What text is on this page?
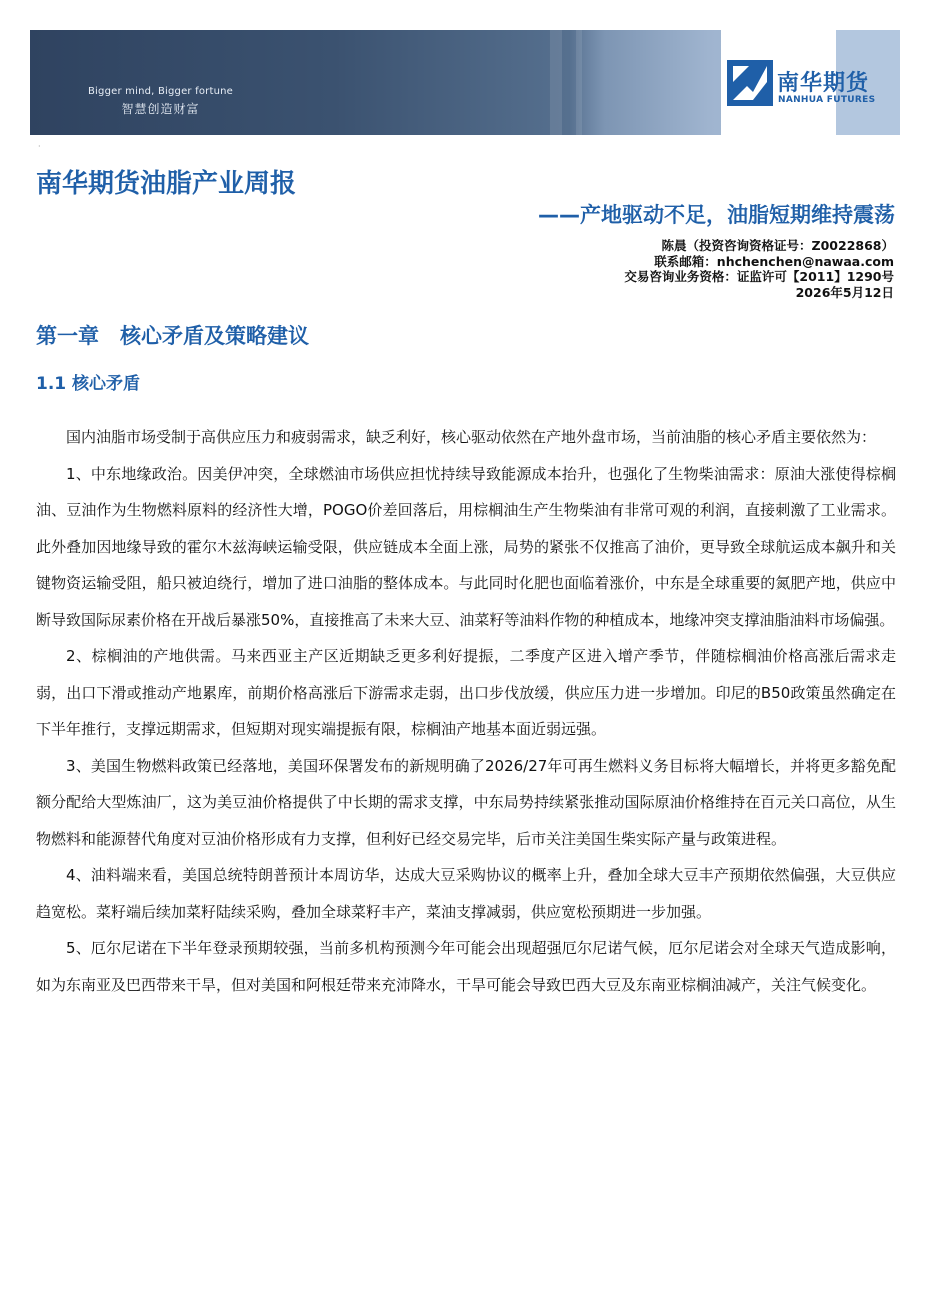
Bigger mind, Bigger fortune
智慧创造财富
南华期货
NANHUA FUTURES
·
南华期货油脂产业周报
——产地驱动不足，油脂短期维持震荡
陈晨（投资咨询资格证号：Z0022868）
联系邮箱：nhchenchen@nawaa.com
交易咨询业务资格：证监许可【2011】1290号
2026年5月12日
第一章　核心矛盾及策略建议
1.1 核心矛盾

国内油脂市场受制于高供应压力和疲弱需求，缺乏利好，核心驱动依然在产地外盘市场，当前油脂的核心矛盾主要依然为：

1、中东地缘政治。因美伊冲突，全球燃油市场供应担忧持续导致能源成本抬升，也强化了生物柴油需求：原油大涨使得棕榈油、豆油作为生物燃料原料的经济性大增，POGO价差回落后，用棕榈油生产生物柴油有非常可观的利润，直接刺激了工业需求。此外叠加因地缘导致的霍尔木兹海峡运输受限，供应链成本全面上涨，局势的紧张不仅推高了油价，更导致全球航运成本飙升和关键物资运输受阻，船只被迫绕行，增加了进口油脂的整体成本。与此同时化肥也面临着涨价，中东是全球重要的氮肥产地，供应中断导致国际尿素价格在开战后暴涨50%，直接推高了未来大豆、油菜籽等油料作物的种植成本，地缘冲突支撑油脂油料市场偏强。

2、棕榈油的产地供需。马来西亚主产区近期缺乏更多利好提振，二季度产区进入增产季节，伴随棕榈油价格高涨后需求走弱，出口下滑或推动产地累库，前期价格高涨后下游需求走弱，出口步伐放缓，供应压力进一步增加。印尼的B50政策虽然确定在下半年推行，支撑远期需求，但短期对现实端提振有限，棕榈油产地基本面近弱远强。

3、美国生物燃料政策已经落地，美国环保署发布的新规明确了2026/27年可再生燃料义务目标将大幅增长，并将更多豁免配额分配给大型炼油厂，这为美豆油价格提供了中长期的需求支撑，中东局势持续紧张推动国际原油价格维持在百元关口高位，从生物燃料和能源替代角度对豆油价格形成有力支撑，但利好已经交易完毕，后市关注美国生柴实际产量与政策进程。

4、油料端来看，美国总统特朗普预计本周访华，达成大豆采购协议的概率上升，叠加全球大豆丰产预期依然偏强，大豆供应趋宽松。菜籽端后续加菜籽陆续采购，叠加全球菜籽丰产，菜油支撑减弱，供应宽松预期进一步加强。

5、厄尔尼诺在下半年登录预期较强，当前多机构预测今年可能会出现超强厄尔尼诺气候，厄尔尼诺会对全球天气造成影响，如为东南亚及巴西带来干旱，但对美国和阿根廷带来充沛降水，干旱可能会导致巴西大豆及东南亚棕榈油减产，关注气候变化。
